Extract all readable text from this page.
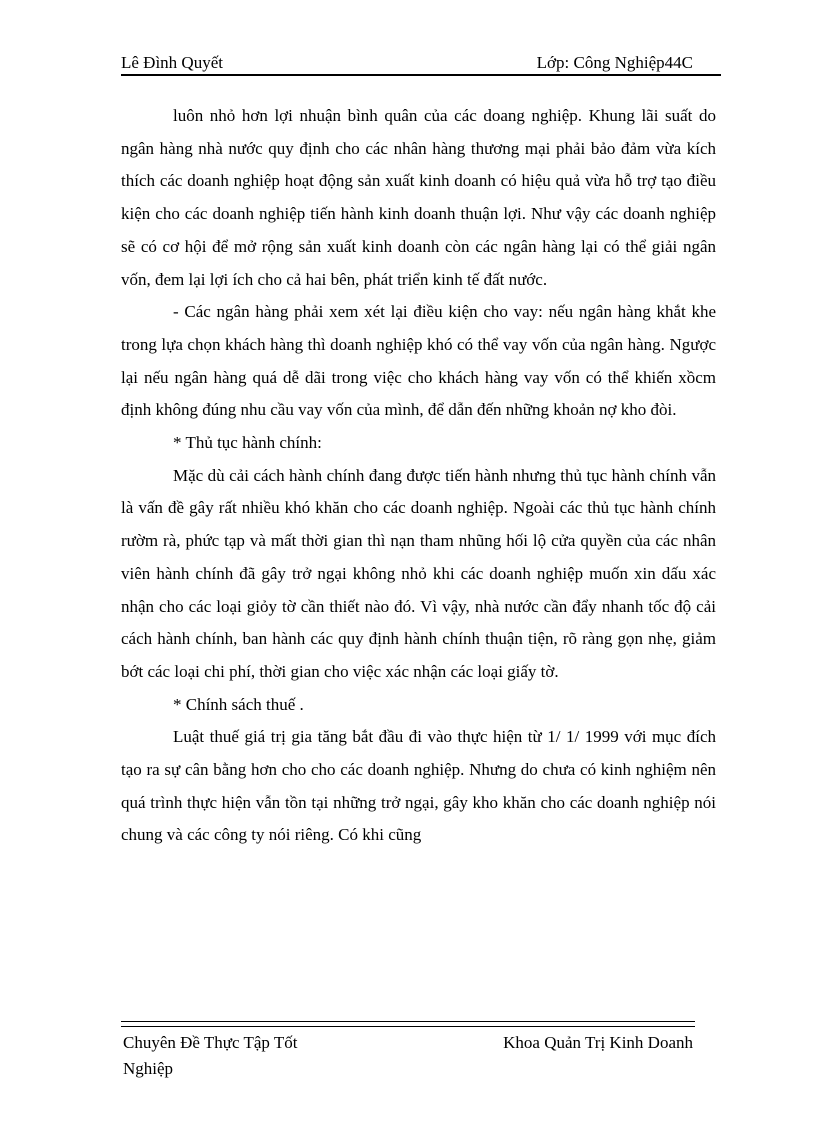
Lê Đình Quyết	Lớp: Công Nghiệp44C

luôn nhỏ hơn lợi nhuận bình quân của các doang nghiệp. Khung lãi suất do ngân hàng nhà nước quy định cho các nhân hàng thương mại phải bảo đảm vừa kích thích các doanh nghiệp hoạt động sản xuất kinh doanh có hiệu quả vừa hỗ trợ tạo điều kiện cho các doanh nghiệp tiến hành kinh doanh thuận lợi. Như vậy các doanh nghiệp sẽ có cơ hội để mở rộng sản xuất kinh doanh còn các ngân hàng lại có thể giải ngân vốn, đem lại lợi ích cho cả hai bên, phát triển kinh tế đất nước.

- Các ngân hàng phải xem xét lại điều kiện cho vay: nếu ngân hàng khắt khe trong lựa chọn khách hàng thì doanh nghiệp khó có thể vay vốn của ngân hàng. Ngược lại nếu ngân hàng quá dễ dãi trong việc cho khách hàng vay vốn có thể khiến xồcm định không đúng nhu cầu vay vốn của mình, để dẫn đến những khoản nợ kho đòi.

* Thủ tục hành chính:

Mặc dù cải cách hành chính đang được tiến hành nhưng thủ tục hành chính vẫn là vấn đề gây rất nhiều khó khăn cho các doanh nghiệp. Ngoài các thủ tục hành chính rườm rà, phức tạp và mất thời gian thì nạn tham nhũng hối lộ cửa quyền của các nhân viên hành chính đã gây trở ngại không nhỏ khi các doanh nghiệp muốn xin dấu xác nhận cho các loại giỏy tờ cần thiết nào đó. Vì vậy, nhà nước cần đẩy nhanh tốc độ cải cách hành chính, ban hành các quy định hành chính thuận tiện, rõ ràng gọn nhẹ, giảm bớt các loại chi phí, thời gian cho việc xác nhận các loại giấy tờ.

* Chính sách thuế .

Luật thuế giá trị gia tăng bắt đầu đi vào thực hiện từ 1/ 1/ 1999 với mục đích tạo ra sự cân bằng hơn cho cho các doanh nghiệp. Nhưng do chưa có kinh nghiệm nên quá trình thực hiện vẫn tồn tại những trở ngại, gây kho khăn cho các doanh nghiệp nói chung và các công ty nói riêng. Có khi cũng

Chuyên Đề Thực Tập Tốt Nghiệp
Khoa Quản Trị Kinh Doanh
